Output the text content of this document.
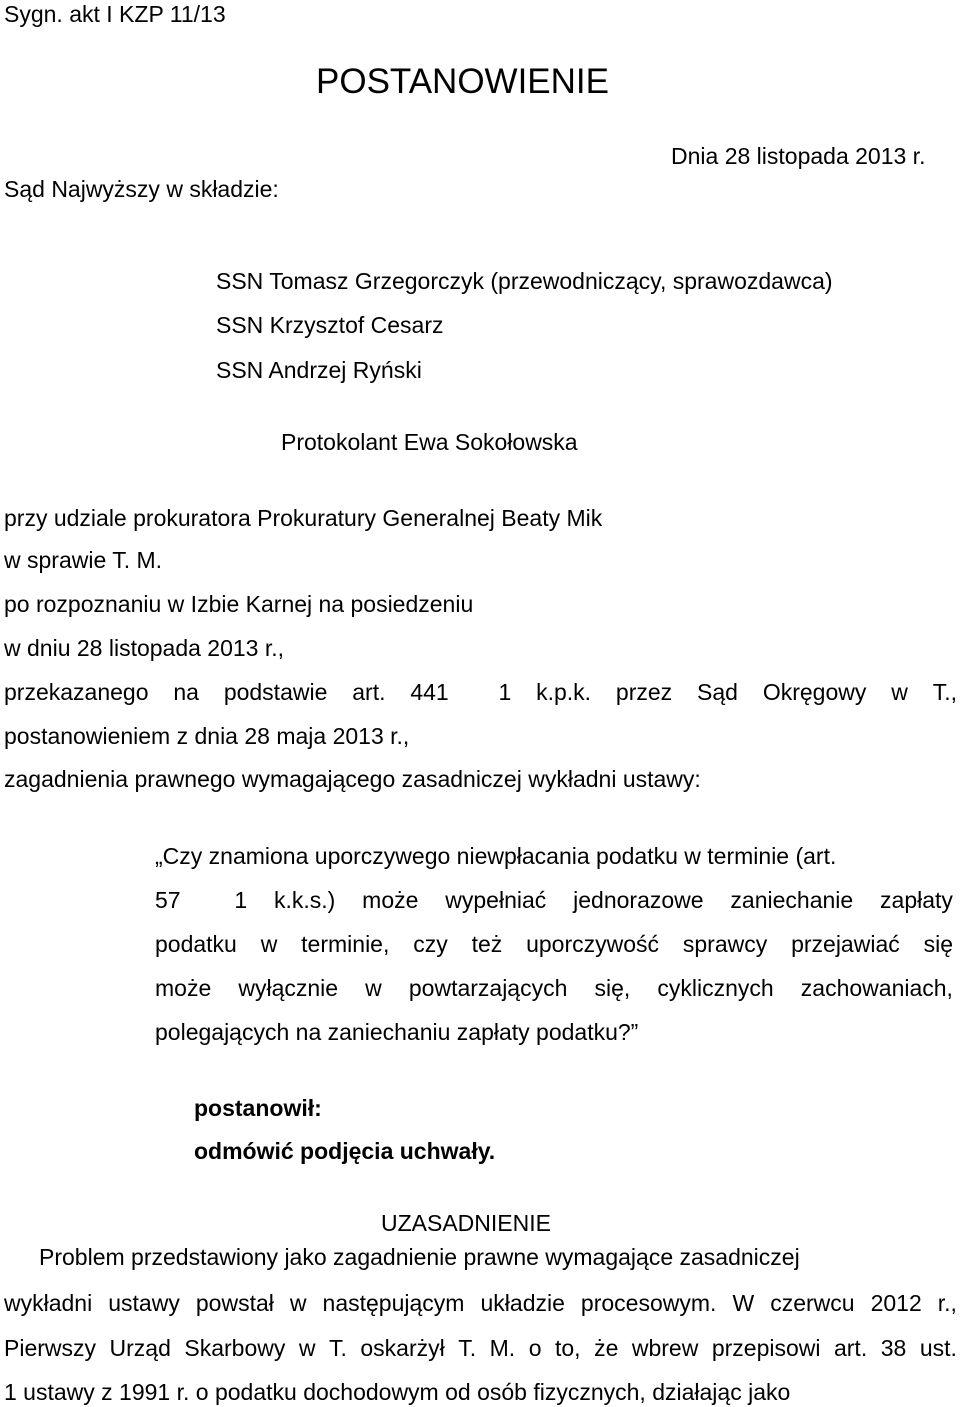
Sygn. akt I KZP 11/13
POSTANOWIENIE
Dnia 28 listopada 2013 r.
Sąd Najwyższy w składzie:
SSN Tomasz Grzegorczyk (przewodniczący, sprawozdawca)
SSN Krzysztof Cesarz
SSN Andrzej Ryński
Protokolant Ewa Sokołowska
przy udziale prokuratora Prokuratury Generalnej Beaty Mik
w sprawie T. M.
po rozpoznaniu w Izbie Karnej na posiedzeniu
w dniu 28 listopada 2013 r.,
przekazanego na podstawie art. 441 1 k.p.k. przez Sąd Okręgowy w T.,
postanowieniem z dnia 28 maja 2013 r.,
zagadnienia prawnego wymagającego zasadniczej wykładni ustawy:
„Czy znamiona uporczywego niewpłacania podatku w terminie (art.
57 1 k.k.s.) może wypełniać jednorazowe zaniechanie zapłaty
podatku w terminie, czy też uporczywość sprawcy przejawiać się
może wyłącznie w powtarzających się, cyklicznych zachowaniach,
polegających na zaniechaniu zapłaty podatku?”
postanowił:
odmówić podjęcia uchwały.
UZASADNIENIE
Problem przedstawiony jako zagadnienie prawne wymagające zasadniczej
wykładni ustawy powstał w następującym układzie procesowym. W czerwcu 2012 r.,
Pierwszy Urząd Skarbowy w T. oskarżył T. M. o to, że wbrew przepisowi art. 38 ust.
1 ustawy z 1991 r. o podatku dochodowym od osób fizycznych, działając jako
